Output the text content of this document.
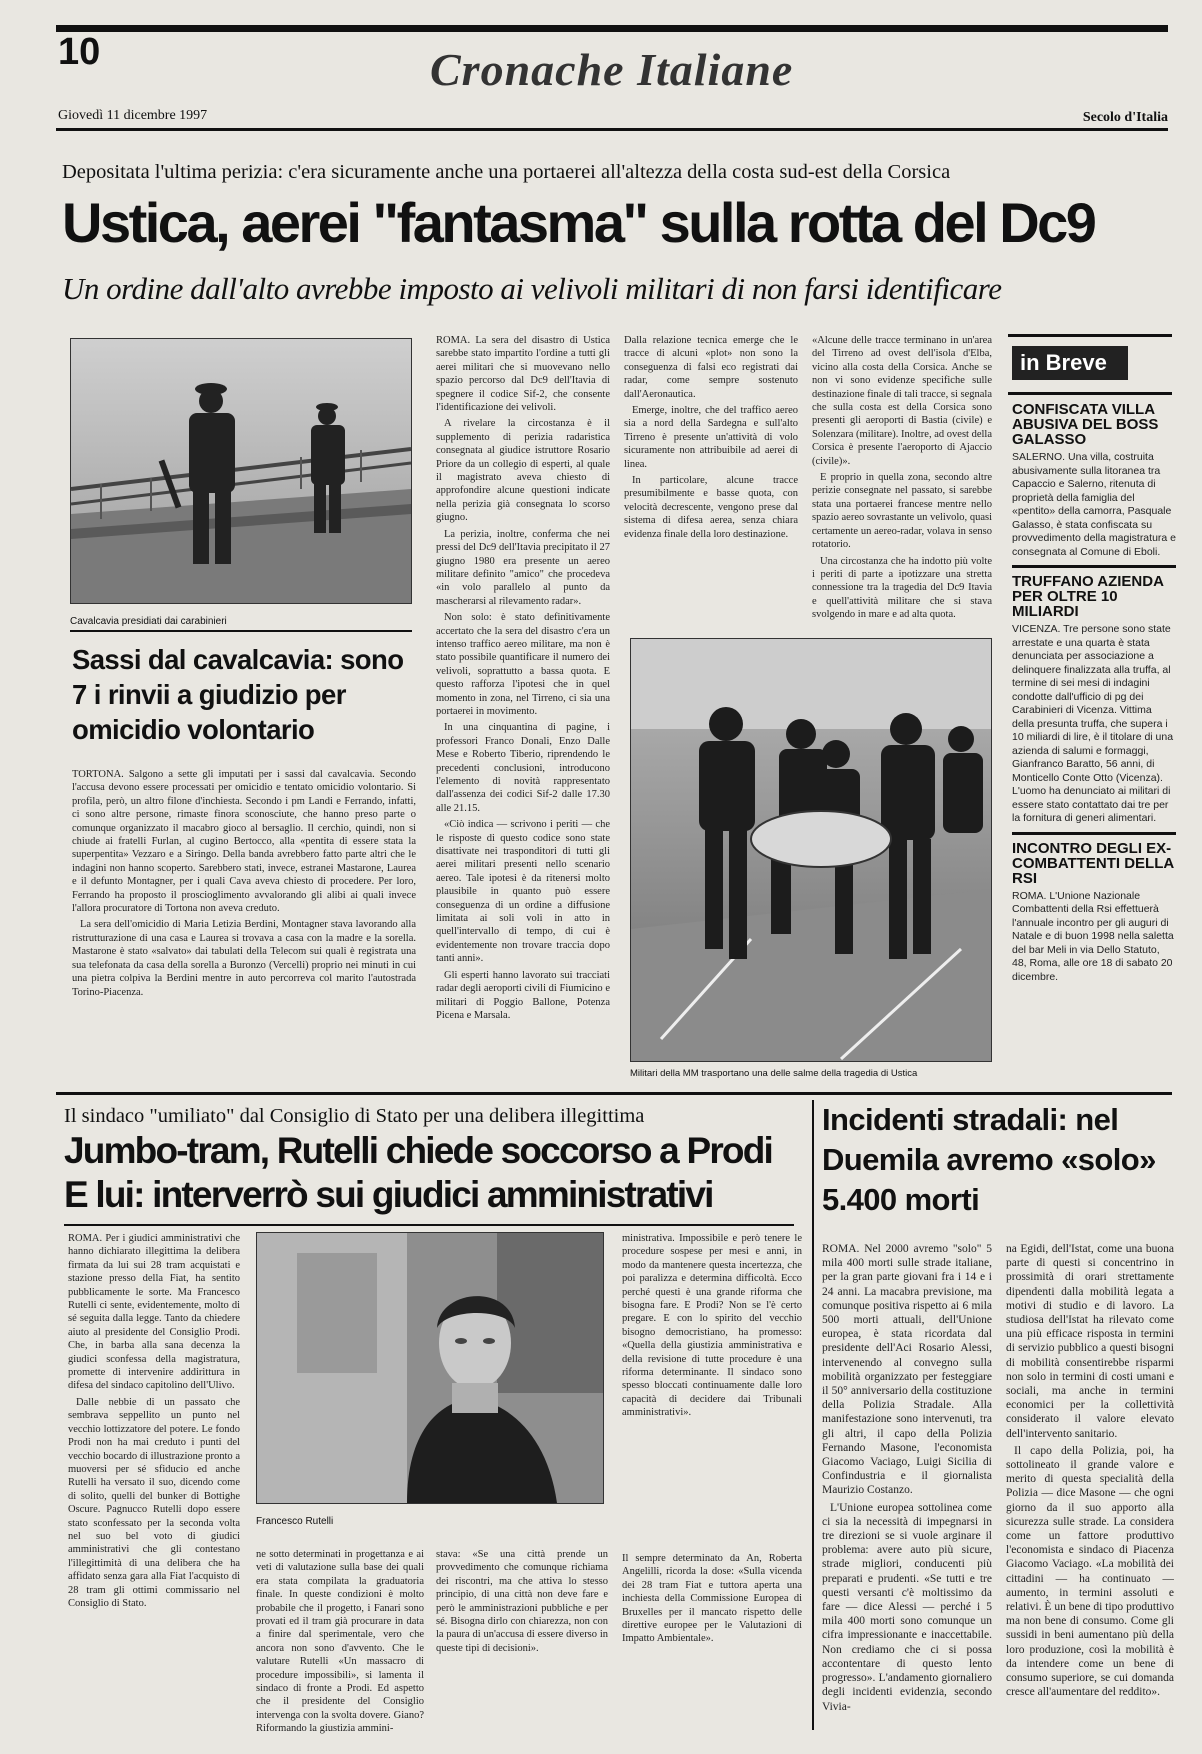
10	Cronache Italiane
Giovedì 11 dicembre 1997	Secolo d'Italia
Depositata l'ultima perizia: c'era sicuramente anche una portaerei all'altezza della costa sud-est della Corsica
Ustica, aerei "fantasma" sulla rotta del Dc9
Un ordine dall'alto avrebbe imposto ai velivoli militari di non farsi identificare
Cavalcavia presidiati dai carabinieri
Sassi dal cavalcavia: sono 7 i rinvii a giudizio per omicidio volontario

TORTONA. Salgono a sette gli imputati per i sassi dal cavalcavia. Secondo l'accusa devono essere processati per omicidio e tentato omicidio volontario. Si profila, però, un altro filone d'inchiesta. Secondo i pm Landi e Ferrando, infatti, ci sono altre persone, rimaste finora sconosciute, che hanno preso parte o comunque organizzato il macabro gioco al bersaglio. Il cerchio, quindi, non si chiude ai fratelli Furlan, al cugino Bertocco, alla «pentita di essere stata la superpentita» Vezzaro e a Siringo. Della banda avrebbero fatto parte altri che le indagini non hanno scoperto. Sarebbero stati, invece, estranei Mastarone, Laurea e il defunto Montagner, per i quali Cava aveva chiesto di procedere. Per loro, Ferrando ha proposto il proscioglimento avvalorando gli alibi ai quali invece l'allora procuratore di Tortona non aveva creduto.

La sera dell'omicidio di Maria Letizia Berdini, Montagner stava lavorando alla ristrutturazione di una casa e Laurea si trovava a casa con la madre e la sorella. Mastarone è stato «salvato» dai tabulati della Telecom sui quali è registrata una sua telefonata da casa della sorella a Buronzo (Vercelli) proprio nei minuti in cui una pietra colpiva la Berdini mentre in auto percorreva col marito l'autostrada Torino-Piacenza.

ROMA. La sera del disastro di Ustica sarebbe stato impartito l'ordine a tutti gli aerei militari che si muovevano nello spazio percorso dal Dc9 dell'Itavia di spegnere il codice Sif-2, che consente l'identificazione dei velivoli.

A rivelare la circostanza è il supplemento di perizia radaristica consegnata al giudice istruttore Rosario Priore da un collegio di esperti, al quale il magistrato aveva chiesto di approfondire alcune questioni indicate nella perizia già consegnata lo scorso giugno.

La perizia, inoltre, conferma che nei pressi del Dc9 dell'Itavia precipitato il 27 giugno 1980 era presente un aereo militare definito "amico" che procedeva «in volo parallelo al punto da mascherarsi al rilevamento radar».

Non solo: è stato definitivamente accertato che la sera del disastro c'era un intenso traffico aereo militare, ma non è stato possibile quantificare il numero dei velivoli, soprattutto a bassa quota. E questo rafforza l'ipotesi che in quel momento in zona, nel Tirreno, ci sia una portaerei in movimento.

In una cinquantina di pagine, i professori Franco Donali, Enzo Dalle Mese e Roberto Tiberio, riprendendo le precedenti conclusioni, introducono l'elemento di novità rappresentato dall'assenza dei codici Sif-2 dalle 17.30 alle 21.15.

«Ciò indica — scrivono i periti — che le risposte di questo codice sono state disattivate nei trasponditori di tutti gli aerei militari presenti nello scenario aereo. Tale ipotesi è da ritenersi molto plausibile in quanto può essere conseguenza di un ordine a diffusione limitata ai soli voli in atto in quell'intervallo di tempo, di cui è evidentemente non trovare traccia dopo tanti anni».

Gli esperti hanno lavorato sui tracciati radar degli aeroporti civili di Fiumicino e militari di Poggio Ballone, Potenza Picena e Marsala.

Dalla relazione tecnica emerge che le tracce di alcuni «plot» non sono la conseguenza di falsi eco registrati dai radar, come sempre sostenuto dall'Aeronautica.

Emerge, inoltre, che del traffico aereo sia a nord della Sardegna e sull'alto Tirreno è presente un'attività di volo sicuramente non attribuibile ad aerei di linea.

In particolare, alcune tracce presumibilmente e basse quota, con velocità decrescente, vengono prese dal sistema di difesa aerea, senza chiara evidenza finale della loro destinazione.

«Alcune delle tracce terminano in un'area del Tirreno ad ovest dell'isola d'Elba, vicino alla costa della Corsica. Anche se non vi sono evidenze specifiche sulle destinazione finale di tali tracce, si segnala che sulla costa est della Corsica sono presenti gli aeroporti di Bastia (civile) e Solenzara (militare). Inoltre, ad ovest della Corsica è presente l'aeroporto di Ajaccio (civile)».

E proprio in quella zona, secondo altre perizie consegnate nel passato, si sarebbe stata una portaerei francese mentre nello spazio aereo sovrastante un velivolo, quasi certamente un aereo-radar, volava in senso rotatorio.

Una circostanza che ha indotto più volte i periti di parte a ipotizzare una stretta connessione tra la tragedia del Dc9 Itavia e quell'attività militare che si stava svolgendo in mare e ad alta quota.

Militari della MM trasportano una delle salme della tragedia di Ustica
in Breve

CONFISCATA VILLA ABUSIVA DEL BOSS GALASSO

SALERNO. Una villa, costruita abusivamente sulla litoranea tra Capaccio e Salerno, ritenuta di proprietà della famiglia del «pentito» della camorra, Pasquale Galasso, è stata confiscata su provvedimento della magistratura e consegnata al Comune di Eboli.

TRUFFANO AZIENDA PER OLTRE 10 MILIARDI

VICENZA. Tre persone sono state arrestate e una quarta è stata denunciata per associazione a delinquere finalizzata alla truffa, al termine di sei mesi di indagini condotte dall'ufficio di pg dei Carabinieri di Vicenza. Vittima della presunta truffa, che supera i 10 miliardi di lire, è il titolare di una azienda di salumi e formaggi, Gianfranco Baratto, 56 anni, di Monticello Conte Otto (Vicenza). L'uomo ha denunciato ai militari di essere stato contattato dai tre per la fornitura di generi alimentari.

INCONTRO DEGLI EX-COMBATTENTI DELLA RSI

ROMA. L'Unione Nazionale Combattenti della Rsi effettuerà l'annuale incontro per gli auguri di Natale e di buon 1998 nella saletta del bar Meli in via Dello Statuto, 48, Roma, alle ore 18 di sabato 20 dicembre.

Il sindaco "umiliato" dal Consiglio di Stato per una delibera illegittima
Jumbo-tram, Rutelli chiede soccorso a Prodi
E lui: interverrò sui giudici amministrativi

ROMA. Per i giudici amministrativi che hanno dichiarato illegittima la delibera firmata da lui sui 28 tram acquistati e stazione presso della Fiat, ha sentito pubblicamente le sorte. Ma Francesco Rutelli ci sente, evidentemente, molto di sé seguita dalla legge. Tanto da chiedere aiuto al presidente del Consiglio Prodi. Che, in barba alla sana decenza la giudici sconfessa della magistratura, promette di intervenire addirittura in difesa del sindaco capitolino dell'Ulivo.

Dalle nebbie di un passato che sembrava seppellito un punto nel vecchio lottizzatore del potere. Le fondo Prodi non ha mai creduto i punti del vecchio bocardo di illustrazione pronto a muoversi per sé sfiducio ed anche Rutelli ha versato il suo, dicendo come di solito, quelli del bunker di Bottighe Oscure. Pagnucco Rutelli dopo essere stato sconfessato per la seconda volta nel suo bel voto di giudici amministrativi che gli contestano l'illegittimità di una delibera che ha affidato senza gara alla Fiat l'acquisto di 28 tram gli ottimi commissario nel Consiglio di Stato.

Francesco Rutelli

ministrativa. Impossibile e però tenere le procedure sospese per mesi e anni, in modo da mantenere questa incertezza, che poi paralizza e determina difficoltà. Ecco perché questi è una grande riforma che bisogna fare. E Prodi? Non se l'è certo pregare. E con lo spirito del vecchio bisogno democristiano, ha promesso: «Quella della giustizia amministrativa e della revisione di tutte procedure è una riforma determinante. Il sindaco sono spesso bloccati continuamente dalle loro capacità di decidere dai Tribunali amministrativi».

ne sotto determinati in progettanza e ai veti di valutazione sulla base dei quali era stata compilata la graduatoria finale. In queste condizioni è molto probabile che il progetto, i Fanari sono provati ed il tram già procurare in data a finire dal sperimentale, vero che ancora non sono d'avvento. Che le valutare Rutelli «Un massacro di procedure impossibili», si lamenta il sindaco di fronte a Prodi. Ed aspetto che il presidente del Consiglio intervenga con la svolta dovere. Giano? Riformando la giustizia ammini-

stava: «Se una città prende un provvedimento che comunque richiama dei riscontri, ma che attiva lo stesso principio, di una città non deve fare e però le amministrazioni pubbliche e per sé. Bisogna dirlo con chiarezza, non con la paura di un'accusa di essere diverso in queste tipi di decisioni».

Il sempre determinato da An, Roberta Angelilli, ricorda la dose: «Sulla vicenda dei 28 tram Fiat e tuttora aperta una inchiesta della Commissione Europea di Bruxelles per il mancato rispetto delle direttive europee per le Valutazioni di Impatto Ambientale».

Incidenti stradali: nel Duemila avremo «solo» 5.400 morti

ROMA. Nel 2000 avremo "solo" 5 mila 400 morti sulle strade italiane, per la gran parte giovani fra i 14 e i 24 anni. La macabra previsione, ma comunque positiva rispetto ai 6 mila 500 morti attuali, dell'Unione europea, è stata ricordata dal presidente dell'Aci Rosario Alessi, intervenendo al convegno sulla mobilità organizzato per festeggiare il 50° anniversario della costituzione della Polizia Stradale. Alla manifestazione sono intervenuti, tra gli altri, il capo della Polizia Fernando Masone, l'economista Giacomo Vaciago, Luigi Sicilia di Confindustria e il giornalista Maurizio Costanzo.

L'Unione europea sottolinea come ci sia la necessità di impegnarsi in tre direzioni se si vuole arginare il problema: avere auto più sicure, strade migliori, conducenti più preparati e prudenti. «Se tutti e tre questi versanti c'è moltissimo da fare — dice Alessi — perché i 5 mila 400 morti sono comunque un cifra impressionante e inaccettabile. Non crediamo che ci si possa accontentare di questo lento progresso». L'andamento giornaliero degli incidenti evidenzia, secondo Vivia-

na Egidi, dell'Istat, come una buona parte di questi si concentrino in prossimità di orari strettamente dipendenti dalla mobilità legata a motivi di studio e di lavoro. La studiosa dell'Istat ha rilevato come una più efficace risposta in termini di servizio pubblico a questi bisogni di mobilità consentirebbe risparmi non solo in termini di costi umani e sociali, ma anche in termini economici per la collettività considerato il valore elevato dell'intervento sanitario.

Il capo della Polizia, poi, ha sottolineato il grande valore e merito di questa specialità della Polizia — dice Masone — che ogni giorno da il suo apporto alla sicurezza sulle strade. La considera come un fattore produttivo l'economista e sindaco di Piacenza Giacomo Vaciago. «La mobilità dei cittadini — ha continuato — aumento, in termini assoluti e relativi. È un bene di tipo produttivo ma non bene di consumo. Come gli sussidi in beni aumentano più della loro produzione, così la mobilità è da intendere come un bene di consumo superiore, se cui domanda cresce all'aumentare del reddito».
